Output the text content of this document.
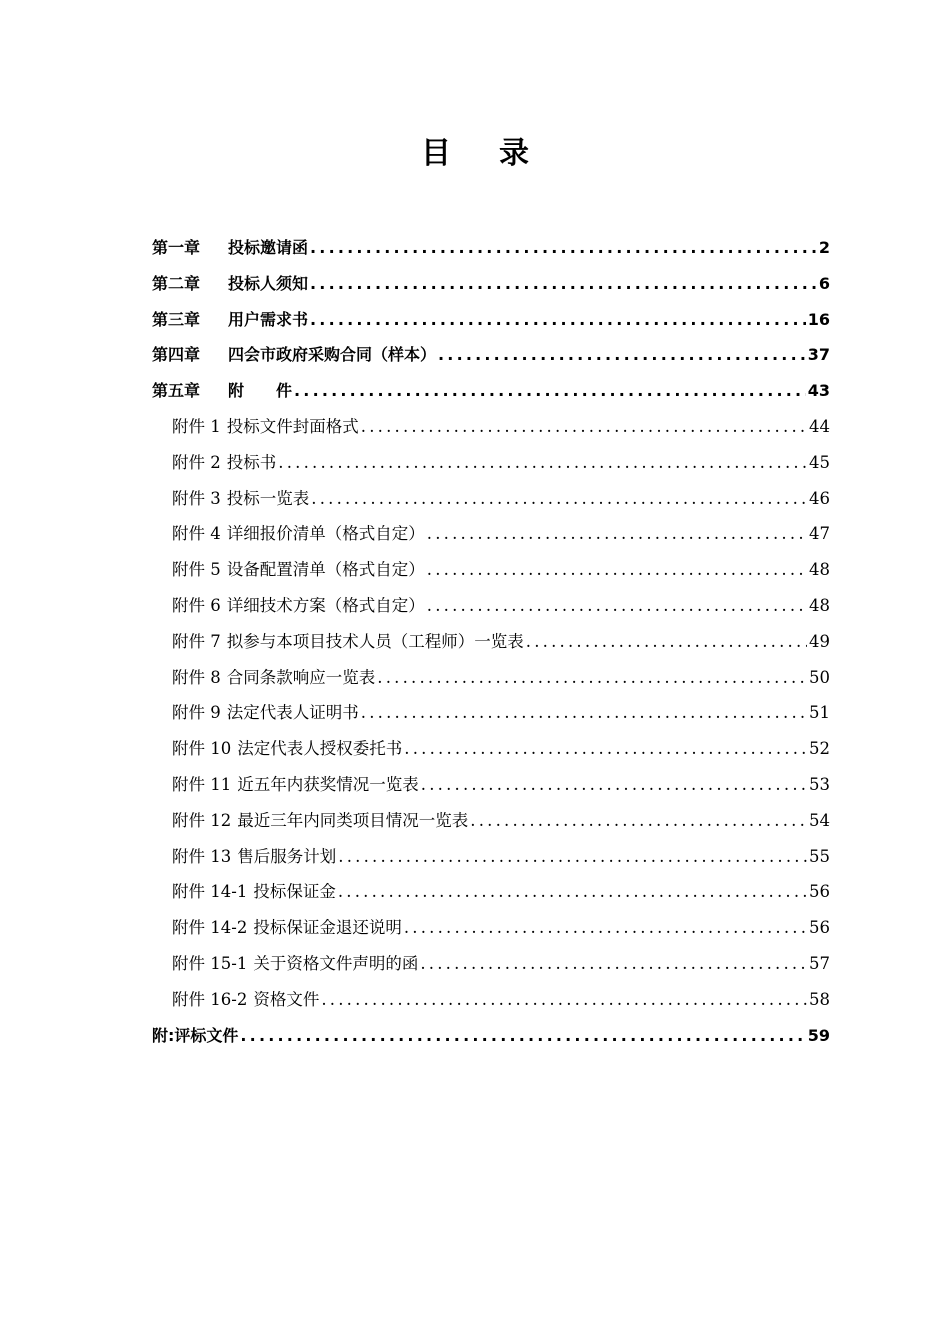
目 录
第一章	投标邀请函 .....	2
第二章	投标人须知 .....	6
第三章	用户需求书 .....	16
第四章	四会市政府采购合同（样本） .....	37
第五章	附　　件 .....	43
附件 1 投标文件封面格式 .....	44
附件 2 投标书 .....	45
附件 3 投标一览表 .....	46
附件 4 详细报价清单（格式自定） .....	47
附件 5 设备配置清单（格式自定） .....	48
附件 6 详细技术方案（格式自定） .....	48
附件 7 拟参与本项目技术人员（工程师）一览表 .....	49
附件 8 合同条款响应一览表 .....	50
附件 9 法定代表人证明书 .....	51
附件 10 法定代表人授权委托书 .....	52
附件 11 近五年内获奖情况一览表 .....	53
附件 12 最近三年内同类项目情况一览表 .....	54
附件 13 售后服务计划 .....	55
附件 14-1 投标保证金 .....	56
附件 14-2 投标保证金退还说明 .....	56
附件 15-1 关于资格文件声明的函 .....	57
附件 16-2 资格文件 .....	58
附:评标文件 .....	59
